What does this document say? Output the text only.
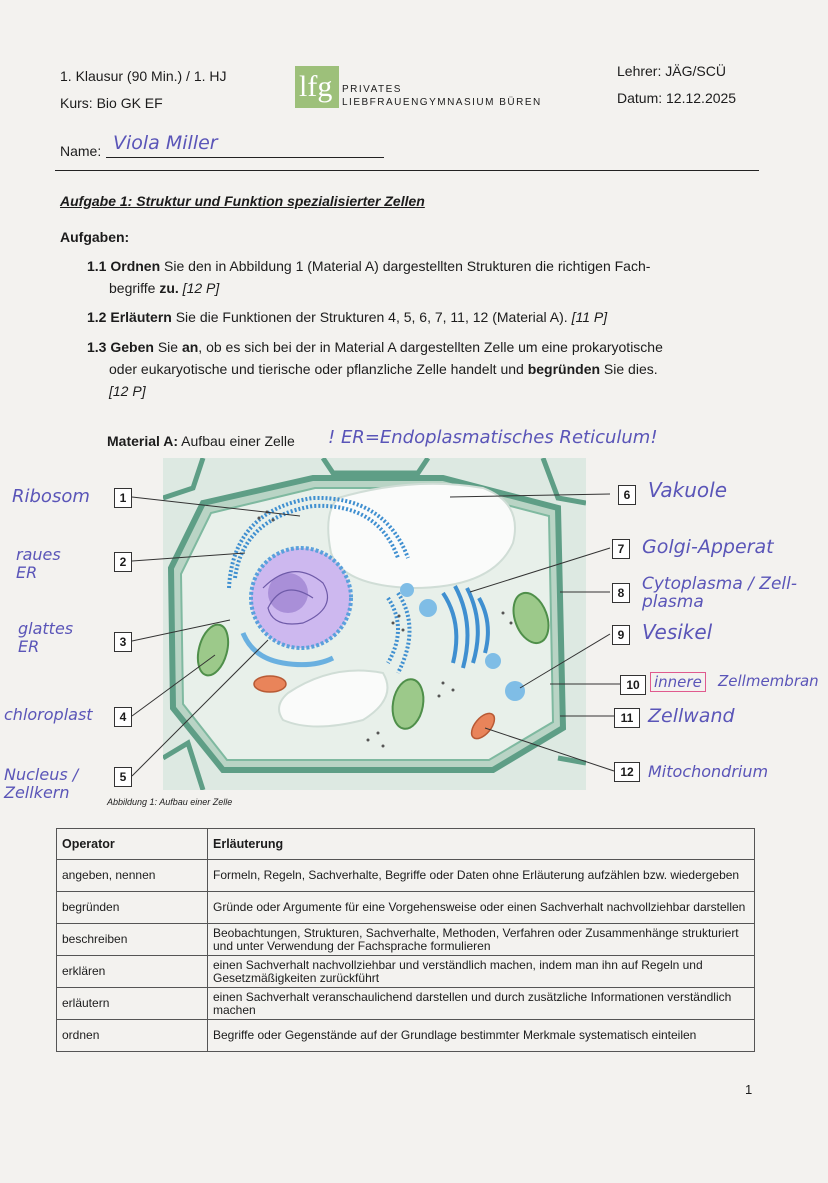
1. Klausur (90 Min.) / 1. HJ
Kurs: Bio GK EF	lfg PRIVATES
LIEBFRAUENGYMNASIUM BÜREN
Lehrer: JÄG/SCÜ
Datum: 12.12.2025
Name: Viola Miller
Aufgabe 1: Struktur und Funktion spezialisierter Zellen
Aufgaben:
1.1 Ordnen Sie den in Abbildung 1 (Material A) dargestellten Strukturen die richtigen Fach-
begriffe zu. [12 P]
1.2 Erläutern Sie die Funktionen der Strukturen 4, 5, 6, 7, 11, 12 (Material A). [11 P]
1.3 Geben Sie an, ob es sich bei der in Material A dargestellten Zelle um eine prokaryotische
oder eukaryotische und tierische oder pflanzliche Zelle handelt und begründen Sie dies.
[12 P]
Material A: Aufbau einer Zelle ! ER=Endoplasmatisches Reticulum!
Abbildung 1: Aufbau einer Zelle
1
2
3
4
5
6
7
8
9
10
11
12
Ribosom
raues ER
glattes ER
chloroplast
Nucleus / Zellkern
Vakuole
Golgi-Apperat
Cytoplasma / Zell-plasma
Vesikel
innere Zellmembran
Zellwand
Mitochondrium
Operator	Erläuterung
angeben, nennen	Formeln, Regeln, Sachverhalte, Begriffe oder Daten ohne Erläuterung aufzählen bzw. wiedergeben
begründen	Gründe oder Argumente für eine Vorgehensweise oder einen Sachverhalt nachvollziehbar darstellen
beschreiben	Beobachtungen, Strukturen, Sachverhalte, Methoden, Verfahren oder Zusammenhänge strukturiert und unter Verwendung der Fachsprache formulieren
erklären	einen Sachverhalt nachvollziehbar und verständlich machen, indem man ihn auf Regeln und Gesetzmäßigkeiten zurückführt
erläutern	einen Sachverhalt veranschaulichend darstellen und durch zusätzliche Informationen verständlich machen
ordnen	Begriffe oder Gegenstände auf der Grundlage bestimmter Merkmale systematisch einteilen
1
